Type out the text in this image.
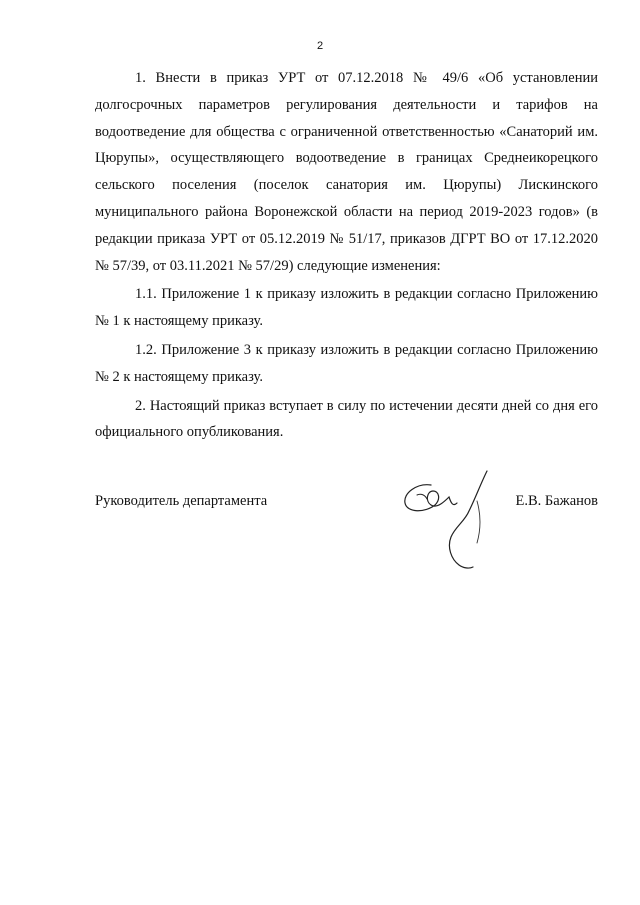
2

1. Внести в приказ УРТ от 07.12.2018 № 49/6 «Об установлении долгосрочных параметров регулирования деятельности и тарифов на водоотведение для общества с ограниченной ответственностью «Санаторий им. Цюрупы», осуществляющего водоотведение в границах Среднеикорецкого сельского поселения (поселок санатория им. Цюрупы) Лискинского муниципального района Воронежской области на период 2019-2023 годов» (в редакции приказа УРТ от 05.12.2019 № 51/17, приказов ДГРТ ВО от 17.12.2020 № 57/39, от 03.11.2021 № 57/29) следующие изменения:

1.1. Приложение 1 к приказу изложить в редакции согласно Приложению № 1 к настоящему приказу.

1.2. Приложение 3 к приказу изложить в редакции согласно Приложению № 2 к настоящему приказу.

2. Настоящий приказ вступает в силу по истечении десяти дней со дня его официального опубликования.

Руководитель департамента	Е.В. Бажанов
